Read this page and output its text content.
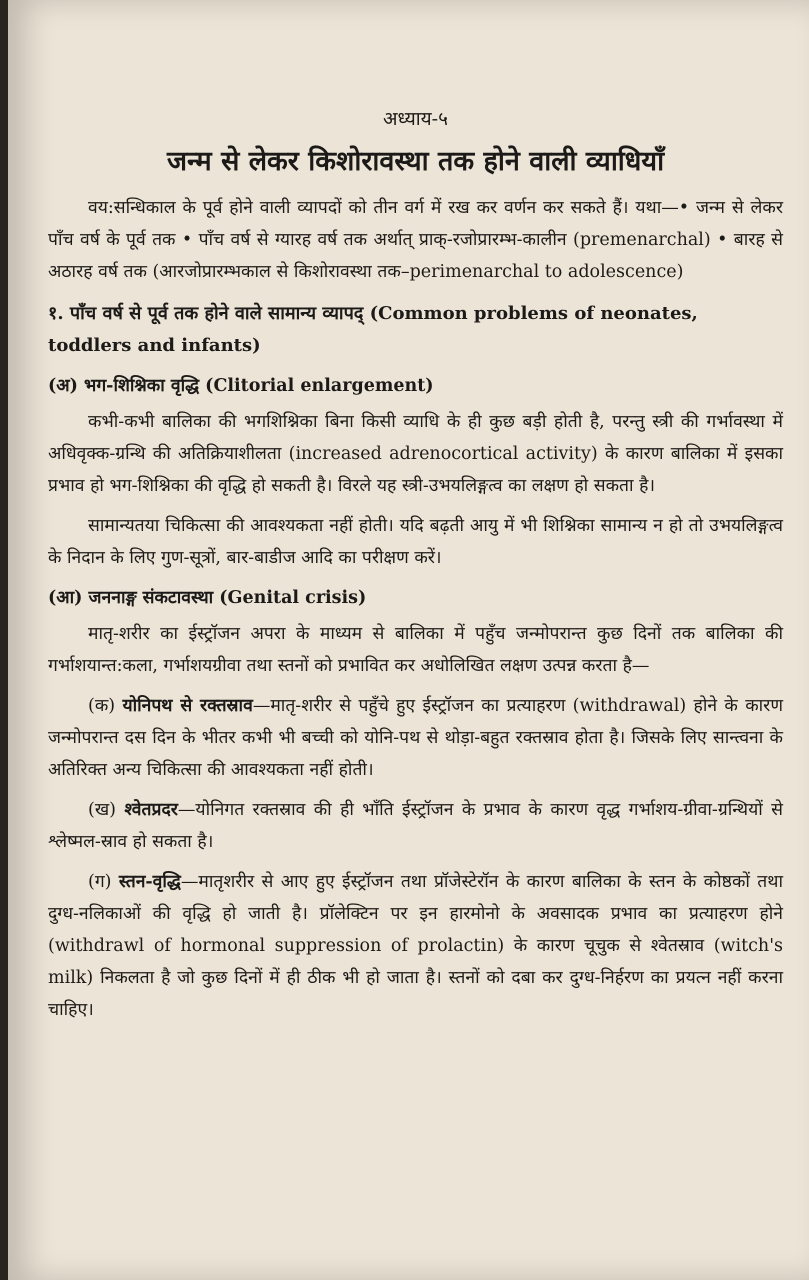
अध्याय-५
जन्म से लेकर किशोरावस्था तक होने वाली व्याधियाँ

वय:सन्धिकाल के पूर्व होने वाली व्यापदों को तीन वर्ग में रख कर वर्णन कर सकते हैं। यथा—• जन्म से लेकर पाँच वर्ष के पूर्व तक • पाँच वर्ष से ग्यारह वर्ष तक अर्थात् प्राक्-रजोप्रारम्भ-कालीन (premenarchal) • बारह से अठारह वर्ष तक (आरजोप्रारम्भकाल से किशोरावस्था तक–perimenarchal to adolescence)

१. पाँच वर्ष से पूर्व तक होने वाले सामान्य व्यापद् (Common problems of neonates, toddlers and infants)
(अ) भग-शिश्निका वृद्धि (Clitorial enlargement)

कभी-कभी बालिका की भगशिश्निका बिना किसी व्याधि के ही कुछ बड़ी होती है, परन्तु स्त्री की गर्भावस्था में अधिवृक्क-ग्रन्थि की अतिक्रियाशीलता (increased adrenocortical activity) के कारण बालिका में इसका प्रभाव हो भग-शिश्निका की वृद्धि हो सकती है। विरले यह स्त्री-उभयलिङ्गत्व का लक्षण हो सकता है।

सामान्यतया चिकित्सा की आवश्यकता नहीं होती। यदि बढ़ती आयु में भी शिश्निका सामान्य न हो तो उभयलिङ्गत्व के निदान के लिए गुण-सूत्रों, बार-बाडीज आदि का परीक्षण करें।

(आ) जननाङ्ग संकटावस्था (Genital crisis)

मातृ-शरीर का ईस्ट्रॉजन अपरा के माध्यम से बालिका में पहुँच जन्मोपरान्त कुछ दिनों तक बालिका की गर्भाशयान्त:कला, गर्भाशयग्रीवा तथा स्तनों को प्रभावित कर अधोलिखित लक्षण उत्पन्न करता है—

(क) योनिपथ से रक्तस्राव—मातृ-शरीर से पहुँचे हुए ईस्ट्रॉजन का प्रत्याहरण (withdrawal) होने के कारण जन्मोपरान्त दस दिन के भीतर कभी भी बच्ची को योनि-पथ से थोड़ा-बहुत रक्तस्राव होता है। जिसके लिए सान्त्वना के अतिरिक्त अन्य चिकित्सा की आवश्यकता नहीं होती।

(ख) श्वेतप्रदर—योनिगत रक्तस्राव की ही भाँति ईस्ट्रॉजन के प्रभाव के कारण वृद्ध गर्भाशय-ग्रीवा-ग्रन्थियों से श्लेष्मल-स्राव हो सकता है।

(ग) स्तन-वृद्धि—मातृशरीर से आए हुए ईस्ट्रॉजन तथा प्रॉजेस्टेरॉन के कारण बालिका के स्तन के कोष्ठकों तथा दुग्ध-नलिकाओं की वृद्धि हो जाती है। प्रॉलेक्टिन पर इन हारमोनो के अवसादक प्रभाव का प्रत्याहरण होने (withdrawl of hormonal suppression of prolactin) के कारण चूचुक से श्वेतस्राव (witch's milk) निकलता है जो कुछ दिनों में ही ठीक भी हो जाता है। स्तनों को दबा कर दुग्ध-निर्हरण का प्रयत्न नहीं करना चाहिए।
